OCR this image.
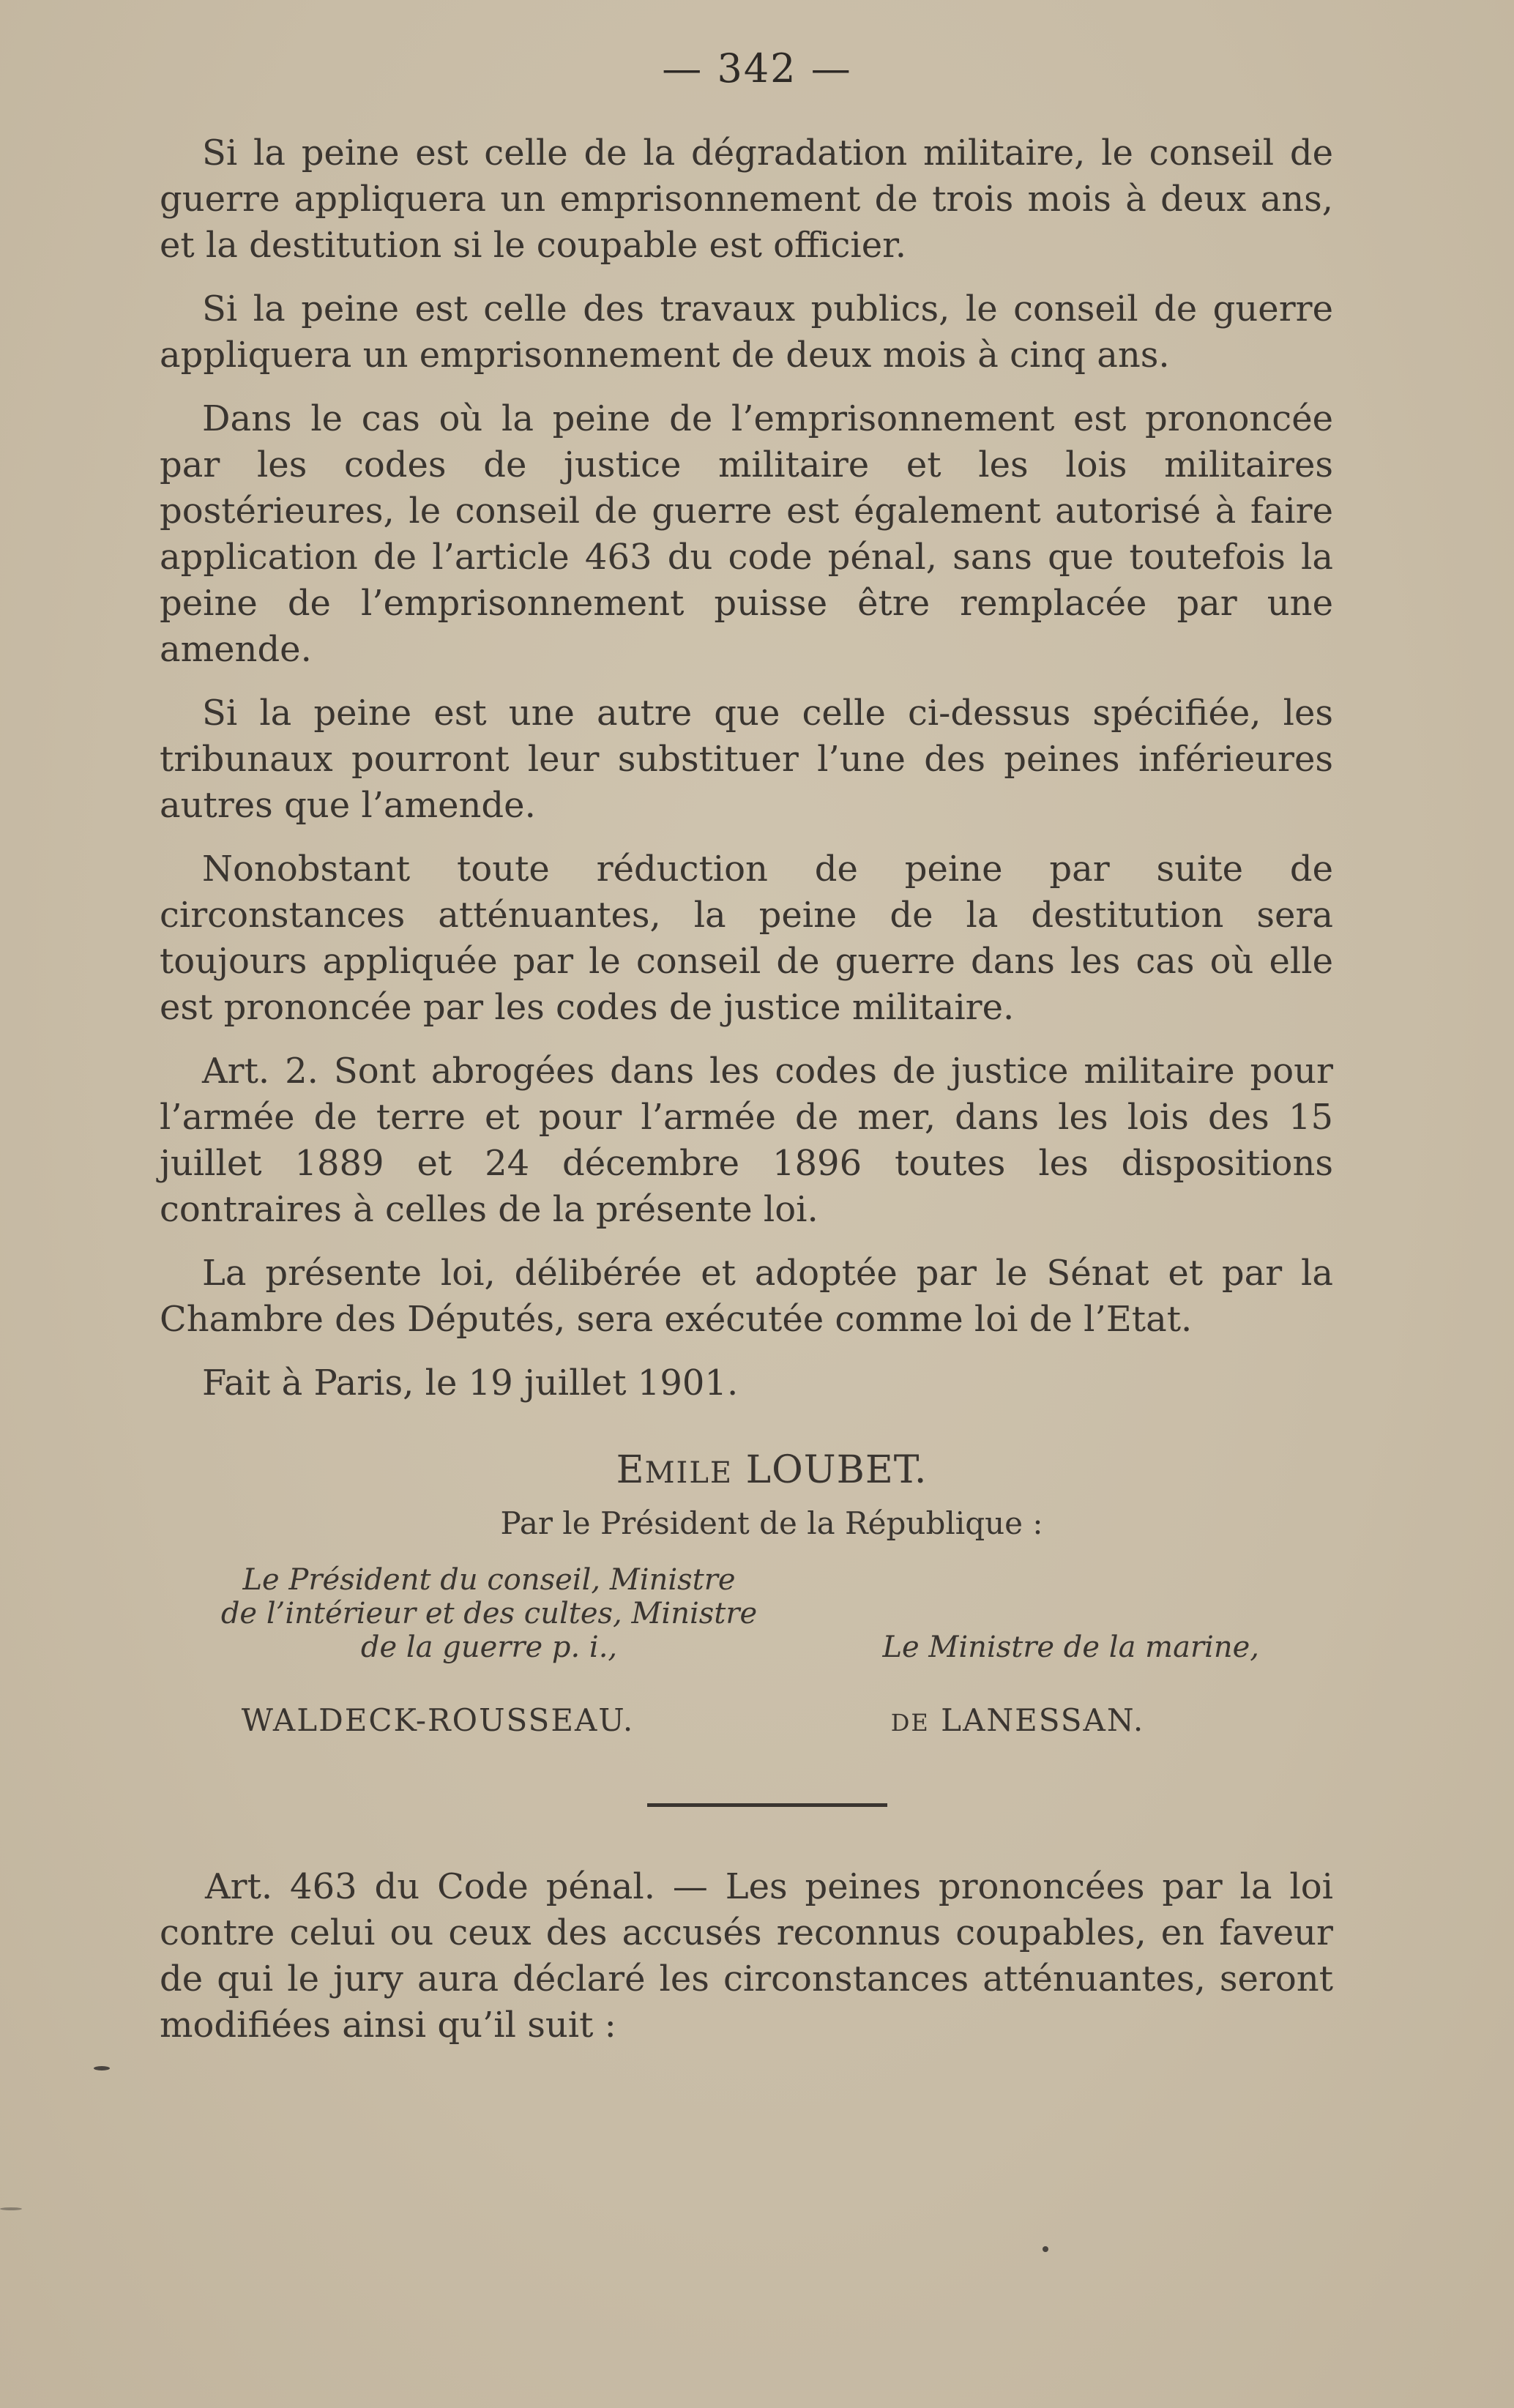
— 342 —

Si la peine est celle de la dégradation militaire, le conseil de guerre appliquera un emprisonnement de trois mois à deux ans, et la destitution si le coupable est officier.

Si la peine est celle des travaux publics, le conseil de guerre appliquera un emprisonnement de deux mois à cinq ans.

Dans le cas où la peine de l’emprisonnement est prononcée par les codes de justice militaire et les lois militaires postérieures, le conseil de guerre est également autorisé à faire application de l’article 463 du code pénal, sans que toutefois la peine de l’emprisonnement puisse être remplacée par une amende.

Si la peine est une autre que celle ci-dessus spécifiée, les tribunaux pourront leur substituer l’une des peines inférieures autres que l’amende.

Nonobstant toute réduction de peine par suite de circonstances atténuantes, la peine de la destitution sera toujours appliquée par le conseil de guerre dans les cas où elle est prononcée par les codes de justice militaire.

Art. 2. Sont abrogées dans les codes de justice militaire pour l’armée de terre et pour l’armée de mer, dans les lois des 15 juillet 1889 et 24 décembre 1896 toutes les dispositions contraires à celles de la présente loi.

La présente loi, délibérée et adoptée par le Sénat et par la Chambre des Députés, sera exécutée comme loi de l’Etat.

Fait à Paris, le 19 juillet 1901.

EMILE LOUBET.
Par le Président de la République :
Le Président du conseil, Ministre
de l’intérieur et des cultes, Ministre
de la guerre p. i.,	Le Ministre de la marine,
WALDECK-ROUSSEAU.	DE LANESSAN.

Art. 463 du Code pénal. — Les peines prononcées par la loi contre celui ou ceux des accusés reconnus coupables, en faveur de qui le jury aura déclaré les circonstances atténuantes, seront modifiées ainsi qu’il suit :
